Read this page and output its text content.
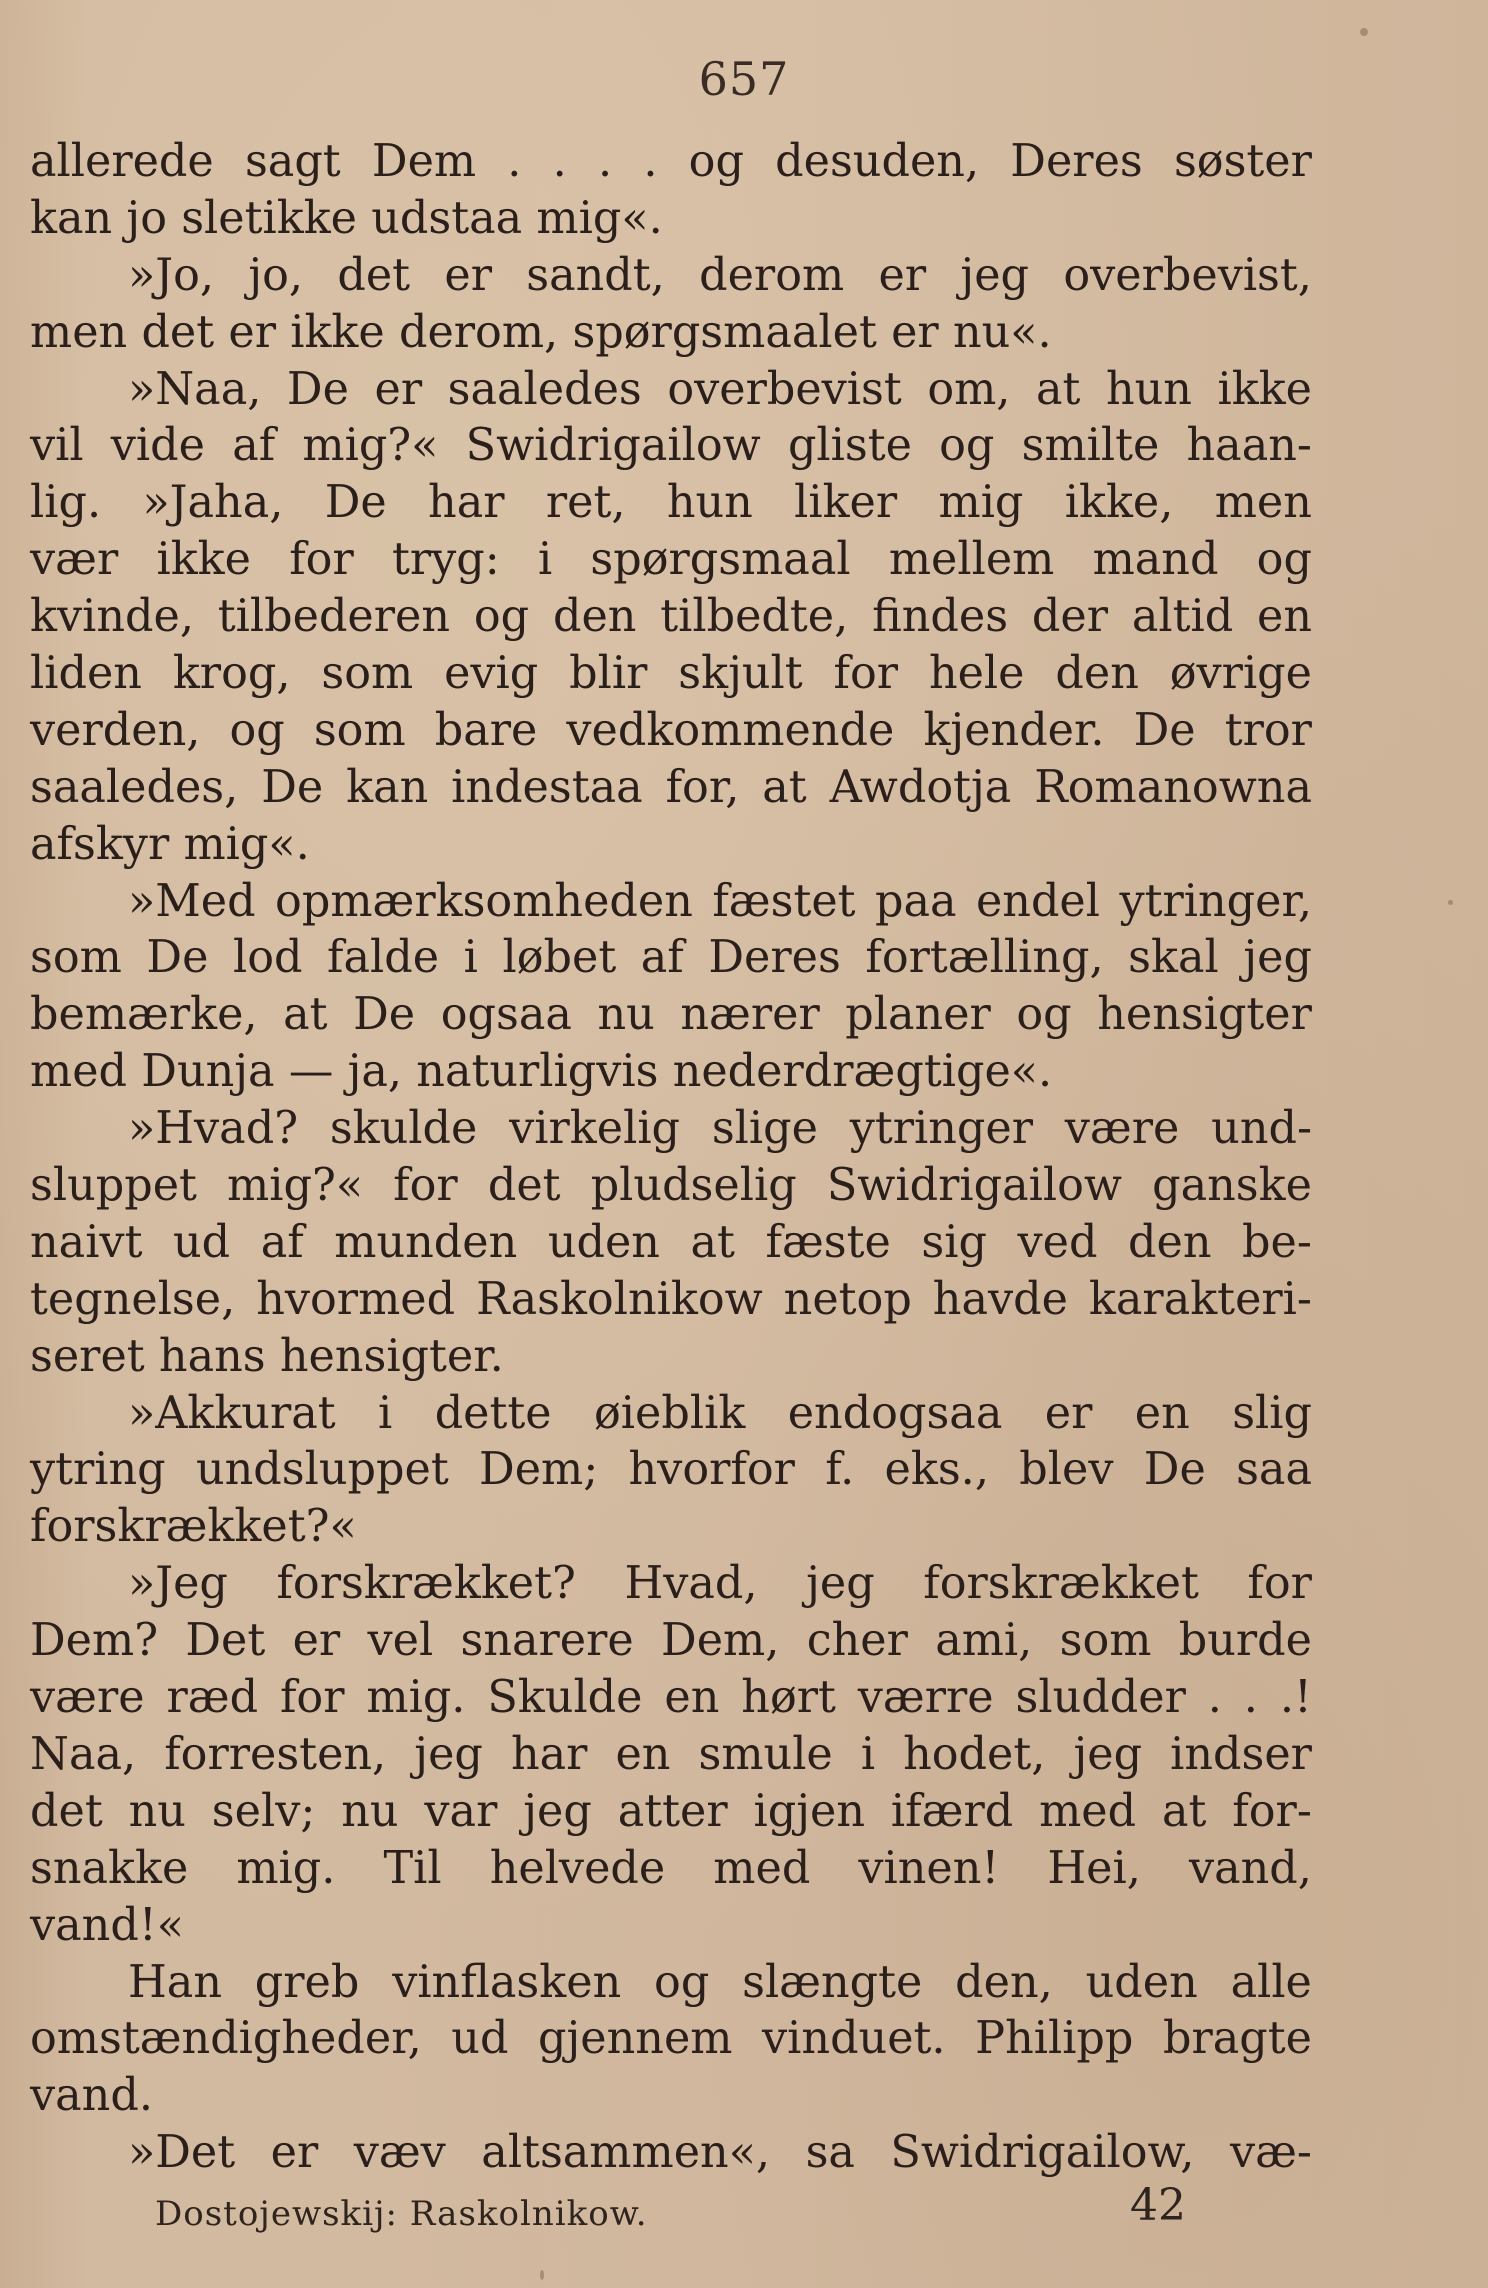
657
allerede sagt Dem . . . . og desuden, Deres søster
kan jo sletikke udstaa mig«.
»Jo, jo, det er sandt, derom er jeg overbevist,
men det er ikke derom, spørgsmaalet er nu«.
»Naa, De er saaledes overbevist om, at hun ikke
vil vide af mig?« Swidrigailow gliste og smilte haan-
lig. »Jaha, De har ret, hun liker mig ikke, men
vær ikke for tryg: i spørgsmaal mellem mand og
kvinde, tilbederen og den tilbedte, findes der altid en
liden krog, som evig blir skjult for hele den øvrige
verden, og som bare vedkommende kjender. De tror
saaledes, De kan indestaa for, at Awdotja Romanowna
afskyr mig«.
»Med opmærksomheden fæstet paa endel ytringer,
som De lod falde i løbet af Deres fortælling, skal jeg
bemærke, at De ogsaa nu nærer planer og hensigter
med Dunja — ja, naturligvis nederdrægtige«.
»Hvad? skulde virkelig slige ytringer være und-
sluppet mig?« for det pludselig Swidrigailow ganske
naivt ud af munden uden at fæste sig ved den be-
tegnelse, hvormed Raskolnikow netop havde karakteri-
seret hans hensigter.
»Akkurat i dette øieblik endogsaa er en slig
ytring undsluppet Dem; hvorfor f. eks., blev De saa
forskrækket?«
»Jeg forskrækket? Hvad, jeg forskrækket for
Dem? Det er vel snarere Dem, cher ami, som burde
være ræd for mig. Skulde en hørt værre sludder . . .!
Naa, forresten, jeg har en smule i hodet, jeg indser
det nu selv; nu var jeg atter igjen ifærd med at for-
snakke mig. Til helvede med vinen! Hei, vand,
vand!«
Han greb vinflasken og slængte den, uden alle
omstændigheder, ud gjennem vinduet. Philipp bragte
vand.
»Det er væv altsammen«, sa Swidrigailow, væ-
Dostojewskij: Raskolnikow.	42
